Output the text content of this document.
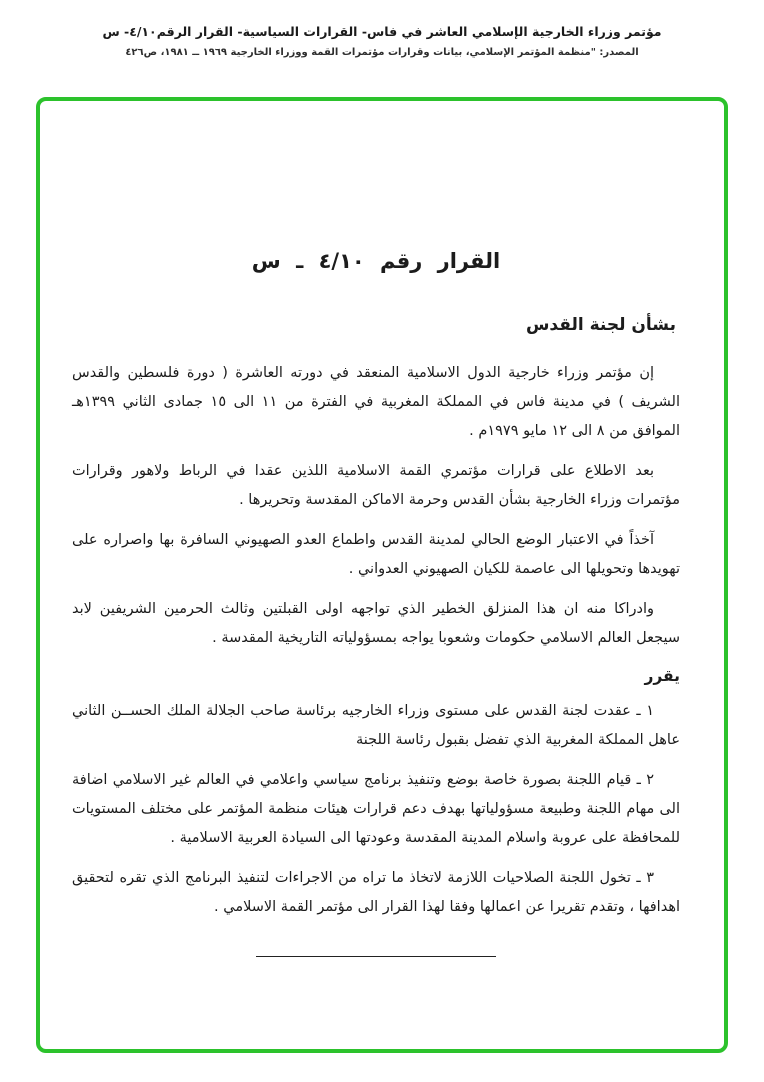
مؤتمر وزراء الخارجية الإسلامي العاشر في فاس- القرارات السياسية- القرار الرقم٤/١٠- س
المصدر: "منظمة المؤتمر الإسلامي، بيانات وقرارات مؤتمرات القمة ووزراء الخارجية ١٩٦٩ ــ ١٩٨١، ص٤٢٦
القرار رقم ٤/١٠ ـ س
بشأن لجنة القدس

إن مؤتمر وزراء خارجية الدول الاسلامية المنعقد في دورته العاشرة ( دورة فلسطين والقدس الشريف ) في مدينة فاس في المملكة المغربية في الفترة من ١١ الى ١٥ جمادى الثاني ١٣٩٩هـ الموافق من ٨ الى ١٢ مايو ١٩٧٩م .

بعد الاطلاع على قرارات مؤتمري القمة الاسلامية اللذين عقدا في الرباط ولاهور وقرارات مؤتمرات وزراء الخارجية بشأن القدس وحرمة الاماكن المقدسة وتحريرها .

آخذاً في الاعتبار الوضع الحالي لمدينة القدس واطماع العدو الصهيوني السافرة بها واصراره على تهويدها وتحويلها الى عاصمة للكيان الصهيوني العدواني .

وادراكا منه ان هذا المنزلق الخطير الذي تواجهه اولى القبلتين وثالث الحرمين الشريفين لابد سيجعل العالم الاسلامي حكومات وشعوبا يواجه بمسؤولياته التاريخية المقدسة .

يقرر

١ ـ عقدت لجنة القدس على مستوى وزراء الخارجيه برئاسة صاحب الجلالة الملك الحســن الثاني عاهل المملكة المغربية الذي تفضل بقبول رئاسة اللجنة

٢ ـ قيام اللجنة بصورة خاصة بوضع وتنفيذ برنامج سياسي واعلامي في العالم غير الاسلامي اضافة الى مهام اللجنة وطبيعة مسؤولياتها بهدف دعم قرارات هيئات منظمة المؤتمر على مختلف المستويات للمحافظة على عروبة واسلام المدينة المقدسة وعودتها الى السيادة العربية الاسلامية .

٣ ـ تخول اللجنة الصلاحيات اللازمة لاتخاذ ما تراه من الاجراءات لتنفيذ البرنامج الذي تقره لتحقيق اهدافها ، وتقدم تقريرا عن اعمالها وفقا لهذا القرار الى مؤتمر القمة الاسلامي .
